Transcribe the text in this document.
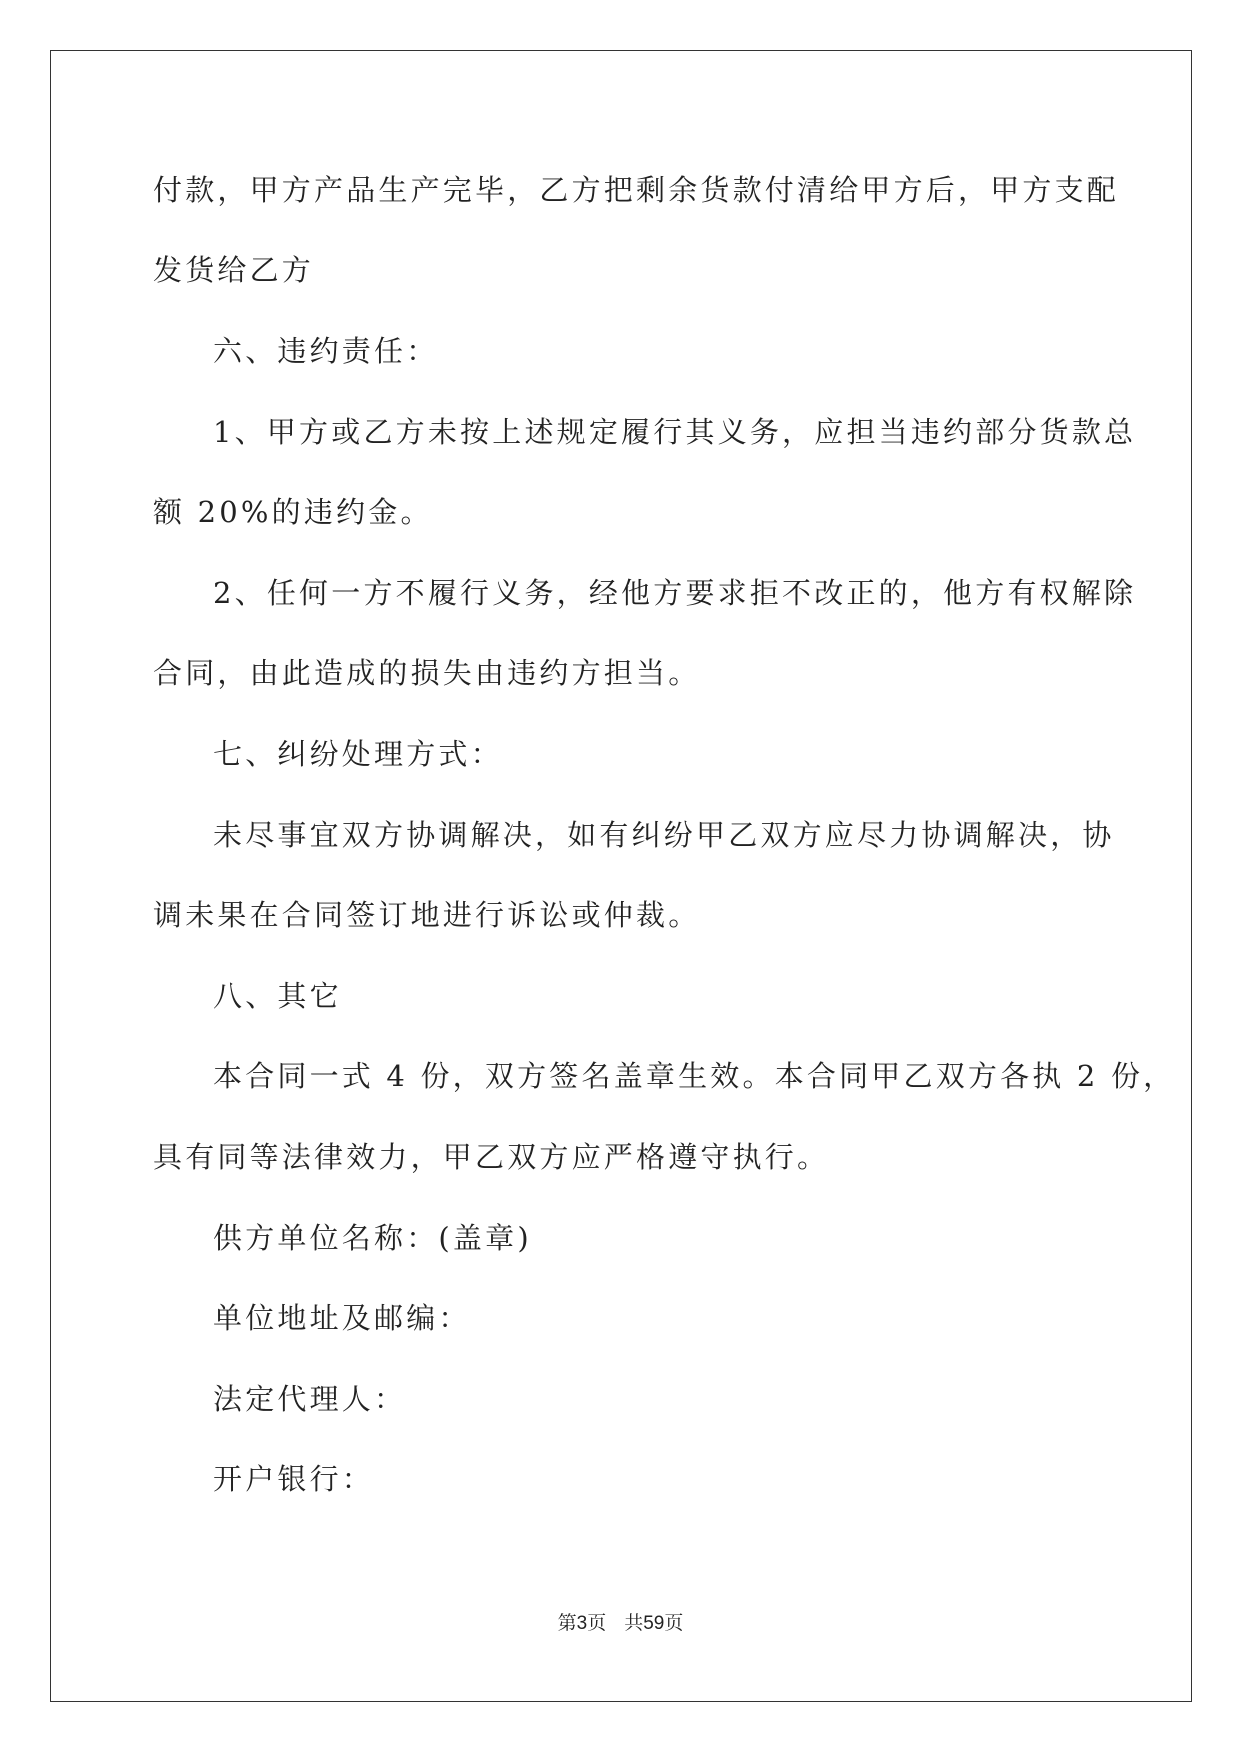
付款，甲方产品生产完毕，乙方把剩余货款付清给甲方后，甲方支配
发货给乙方
六、违约责任：
1、甲方或乙方未按上述规定履行其义务，应担当违约部分货款总
额 20%的违约金。
2、任何一方不履行义务，经他方要求拒不改正的，他方有权解除
合同，由此造成的损失由违约方担当。
七、纠纷处理方式：
未尽事宜双方协调解决，如有纠纷甲乙双方应尽力协调解决，协
调未果在合同签订地进行诉讼或仲裁。
八、其它
本合同一式 4 份，双方签名盖章生效。本合同甲乙双方各执 2 份，
具有同等法律效力，甲乙双方应严格遵守执行。
供方单位名称：(盖章)
单位地址及邮编：
法定代理人：
开户银行：
第3页 共59页
